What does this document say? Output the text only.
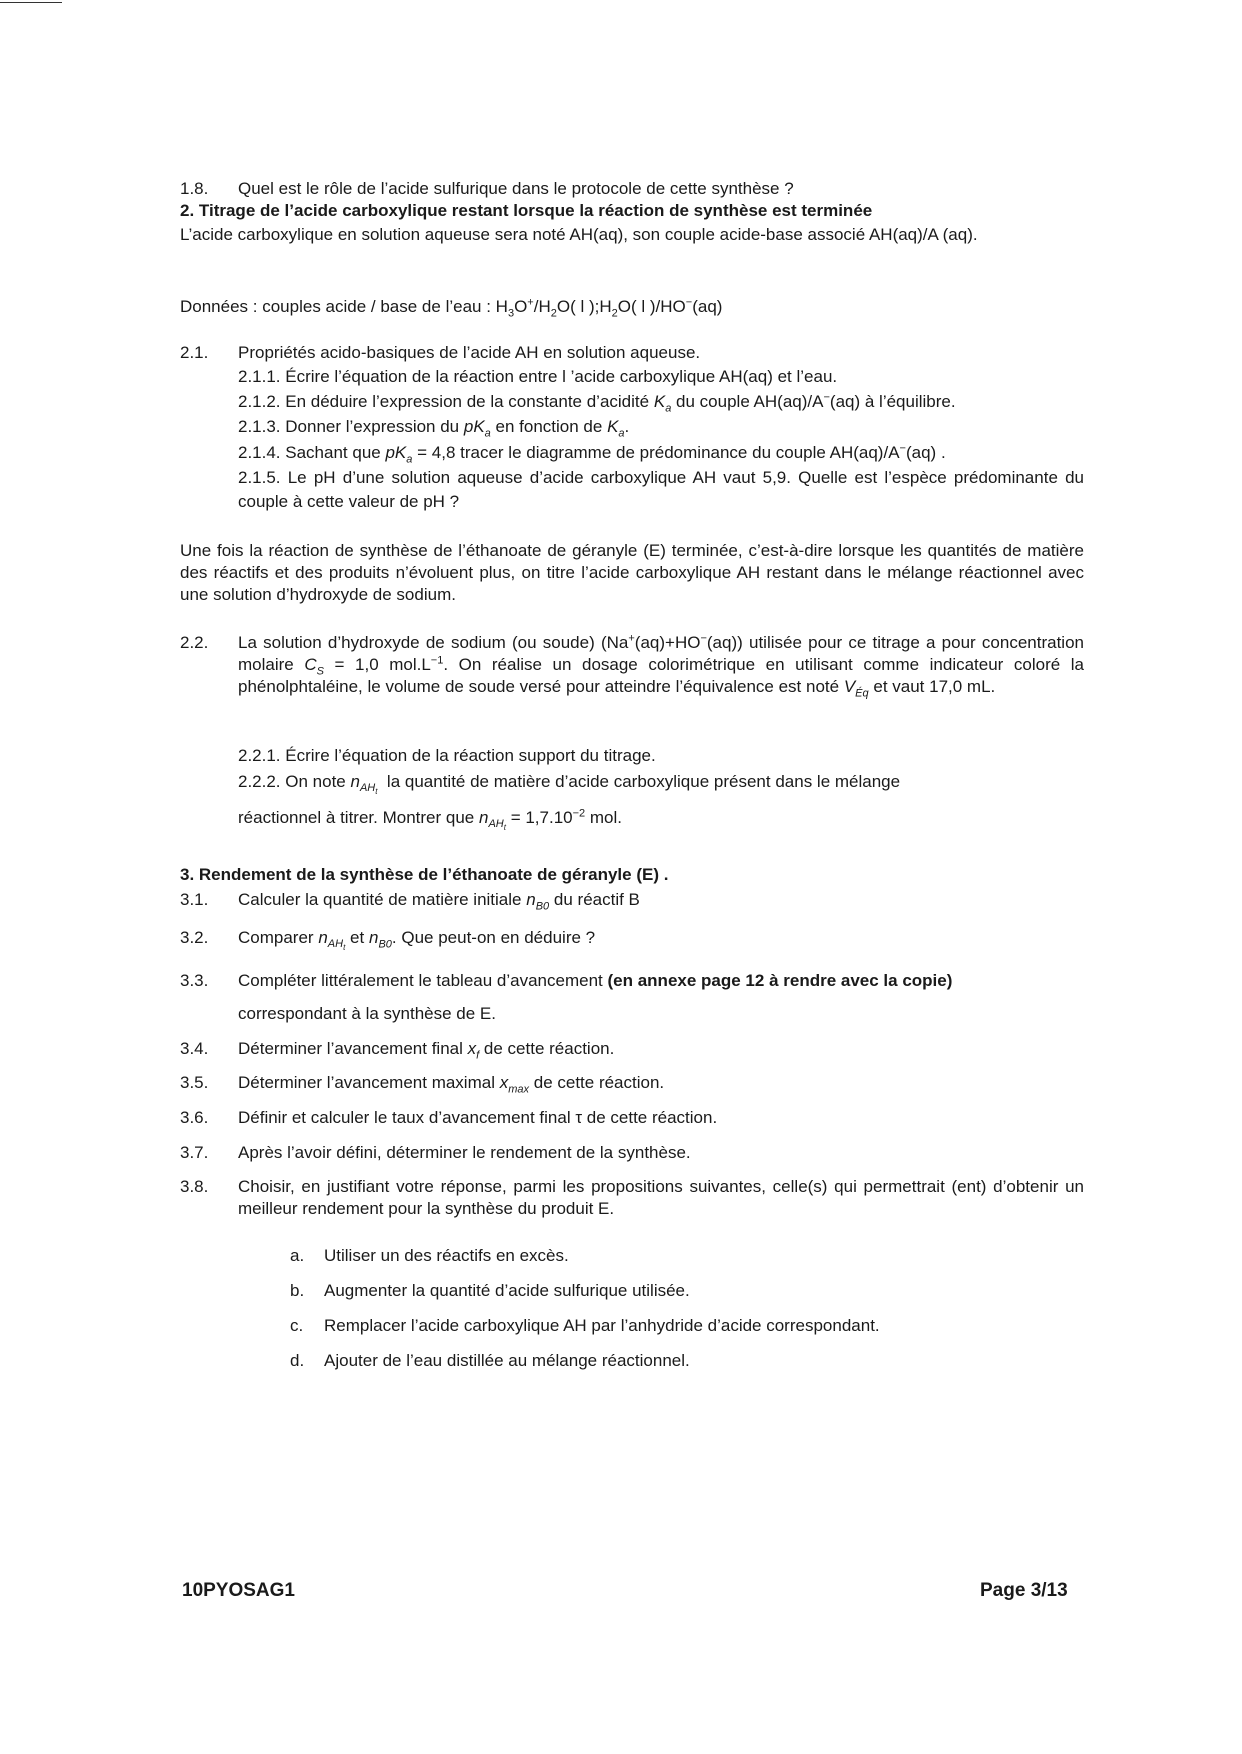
1.8. Quel est le rôle de l’acide sulfurique dans le protocole de cette synthèse ?
2. Titrage de l’acide carboxylique restant lorsque la réaction de synthèse est terminée
L’acide carboxylique en solution aqueuse sera noté AH(aq), son couple acide-base associé AH(aq)/A (aq).
Données : couples acide / base de l’eau : $H_3O^+/H_2O$( l )$;H_2O$( l )/HO−(aq)
2.1. Propriétés acido-basiques de l’acide AH en solution aqueuse.
2.1.1. Écrire l’équation de la réaction entre l ’acide carboxylique AH(aq) et l’eau.
2.1.2. En déduire l’expression de la constante d’acidité $K_a$ du couple AH(aq)/A−(aq) à l’équilibre.
2.1.3. Donner l’expression du $pK_a$ en fonction de $K_a$.
2.1.4. Sachant que $pK_a = 4,8$ tracer le diagramme de prédominance du couple AH(aq)/A−(aq) .
2.1.5. Le pH d’une solution aqueuse d’acide carboxylique AH vaut 5,9. Quelle est l’espèce prédominante du couple à cette valeur de pH ?
Une fois la réaction de synthèse de l’éthanoate de géranyle (E) terminée, c’est-à-dire lorsque les quantités de matière des réactifs et des produits n’évoluent plus, on titre l’acide carboxylique AH restant dans le mélange réactionnel avec une solution d’hydroxyde de sodium.
2.2. La solution d’hydroxyde de sodium (ou soude) (Na+(aq)+HO−(aq)) utilisée pour ce titrage a pour concentration molaire $C_S = 1,0$ $mol.L^{-1}$. On réalise un dosage colorimétrique en utilisant comme indicateur coloré la phénolphtaléine, le volume de soude versé pour atteindre l’équivalence est noté $V_{Éq}$ et vaut 17,0 mL.
2.2.1. Écrire l’équation de la réaction support du titrage.
2.2.2. On note $n_{AH_t}$  la quantité de matière d’acide carboxylique présent dans le mélange
réactionnel à titrer. Montrer que $n_{AH_t} = 1,7.10^{-2}$ mol.
3. Rendement de la synthèse de l’éthanoate de géranyle (E) .
3.1. Calculer la quantité de matière initiale $n_{B0}$ du réactif B
3.2. Comparer $n_{AH_t}$ et $n_{B0}$. Que peut-on en déduire ?
3.3. Compléter littéralement le tableau d’avancement (en annexe page 12 à rendre avec la copie)
correspondant à la synthèse de E.
3.4. Déterminer l’avancement final $x_f$ de cette réaction.
3.5. Déterminer l’avancement maximal $x_{max}$ de cette réaction.
3.6. Définir et calculer le taux d’avancement final τ de cette réaction.
3.7. Après l’avoir défini, déterminer le rendement de la synthèse.
3.8. Choisir, en justifiant votre réponse, parmi les propositions suivantes, celle(s) qui permettrait (ent) d’obtenir un meilleur rendement pour la synthèse du produit E.
a. Utiliser un des réactifs en excès.
b. Augmenter la quantité d’acide sulfurique utilisée.
c. Remplacer l’acide carboxylique AH par l’anhydride d’acide correspondant.
d. Ajouter de l’eau distillée au mélange réactionnel.
10PYOSAG1	Page 3/13
